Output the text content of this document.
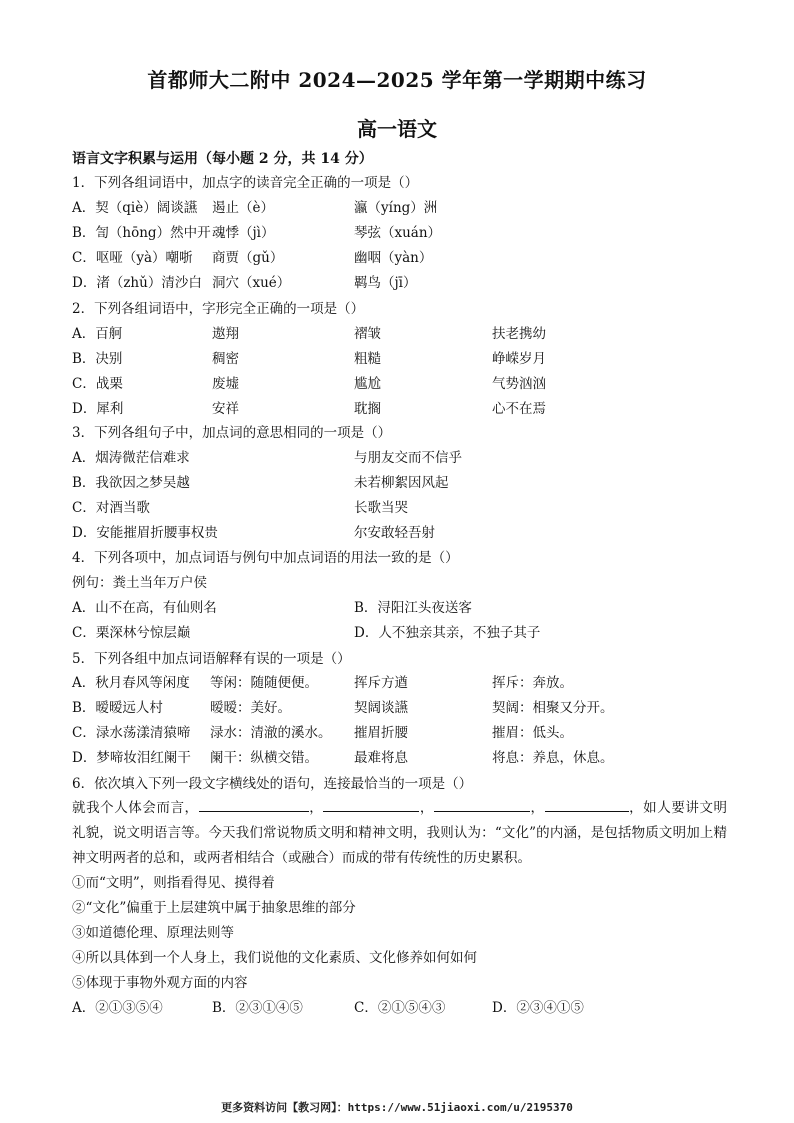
首都师大二附中 2024—2025 学年第一学期期中练习
高一语文
语言文字积累与运用（每小题 2 分，共 14 分）
1．下列各组词语中，加点字的读音完全正确的一项是（）
A．契（qiè）阔谈讌 遏止（è）	瀛（yíng）洲
B．訇（hōng）然中开 魂悸（jì）	琴弦（xuán）
C．呕哑（yà）嘲哳 商贾（gǔ）	幽咽（yàn）
D．渚（zhǔ）清沙白 洞穴（xué）	羁鸟（jī）
2．下列各组词语中，字形完全正确的一项是（）
A．百舸	遨翔	褶皱	扶老携幼
B．决别	稠密	粗糙	峥嵘岁月
C．战栗	废墟	尴尬	气势汹汹
D．犀利	安祥	耽搁	心不在焉
3．下列各组句子中，加点词的意思相同的一项是（）
A．烟涛微茫信难求	与朋友交而不信乎
B．我欲因之梦吴越	未若柳絮因风起
C．对酒当歌	长歌当哭
D．安能摧眉折腰事权贵	尔安敢轻吾射
4．下列各项中，加点词语与例句中加点词语的用法一致的是（）
例句：粪土当年万户侯
A．山不在高，有仙则名	B．浔阳江头夜送客
C．栗深林兮惊层巅	D．人不独亲其亲，不独子其子
5．下列各组中加点词语解释有误的一项是（）
A．秋月春风等闲度 等闲：随随便便。	挥斥方遒	挥斥：奔放。
B．暧暧远人村	暧暧：美好。	契阔谈讌	契阔：相聚又分开。
C．渌水荡漾清猿啼 渌水：清澈的溪水。 摧眉折腰	摧眉：低头。
D．梦啼妆泪红阑干 阑干：纵横交错。	最难将息	将息：养息，休息。
6．依次填入下列一段文字横线处的语句，连接最恰当的一项是（）
就我个人体会而言，	，	，	，	，如人要讲文明礼貌，说文明语言等。今天我们常说物质文明和精神文明，我则认为：“文化”的内涵，是包括物质文明加上精神文明两者的总和，或两者相结合（或融合）而成的带有传统性的历史累积。
①而“文明”，则指看得见、摸得着
②“文化”偏重于上层建筑中属于抽象思维的部分
③如道德伦理、原理法则等
④所以具体到一个人身上，我们说他的文化素质、文化修养如何如何
⑤体现于事物外观方面的内容
A．②①③⑤④	B．②③①④⑤	C．②①⑤④③	D．②③④①⑤
更多资料访问【教习网】：https://www.51jiaoxi.com/u/2195370
